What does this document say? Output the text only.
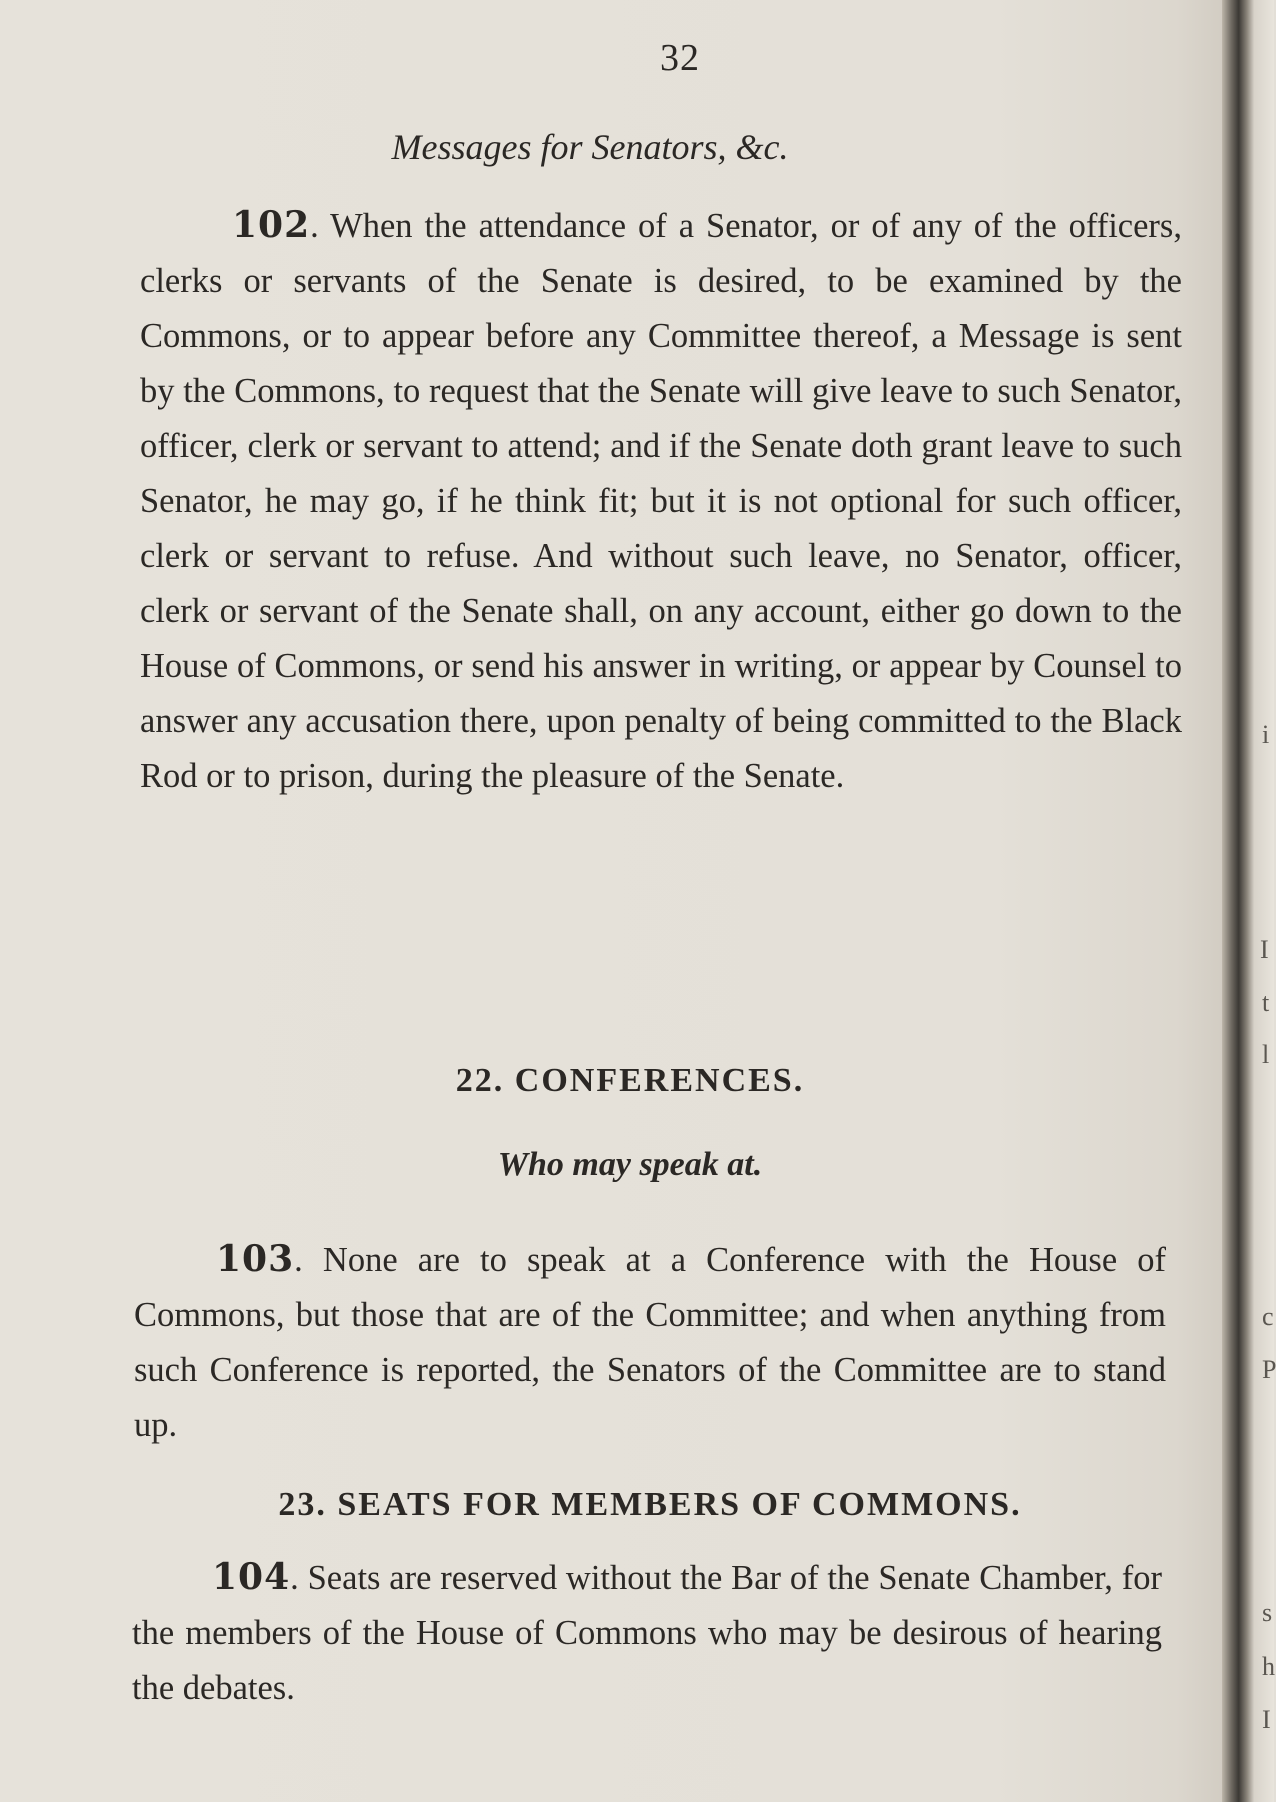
i
I
t
l
c
P
s
h
I
32
Messages for Senators, &c.

102. When the attendance of a Senator, or of any of the officers, clerks or servants of the Senate is desired, to be examined by the Commons, or to appear before any Committee thereof, a Message is sent by the Commons, to request that the Senate will give leave to such Senator, officer, clerk or servant to attend; and if the Senate doth grant leave to such Senator, he may go, if he think fit; but it is not optional for such officer, clerk or servant to refuse. And without such leave, no Senator, officer, clerk or servant of the Senate shall, on any account, either go down to the House of Commons, or send his answer in writing, or appear by Counsel to answer any accusation there, upon penalty of being committed to the Black Rod or to prison, during the pleasure of the Senate.

22. CONFERENCES.
Who may speak at.

103. None are to speak at a Conference with the House of Commons, but those that are of the Committee; and when anything from such Conference is reported, the Senators of the Committee are to stand up.

23. SEATS FOR MEMBERS OF COMMONS.

104. Seats are reserved without the Bar of the Senate Chamber, for the members of the House of Commons who may be desirous of hearing the debates.
